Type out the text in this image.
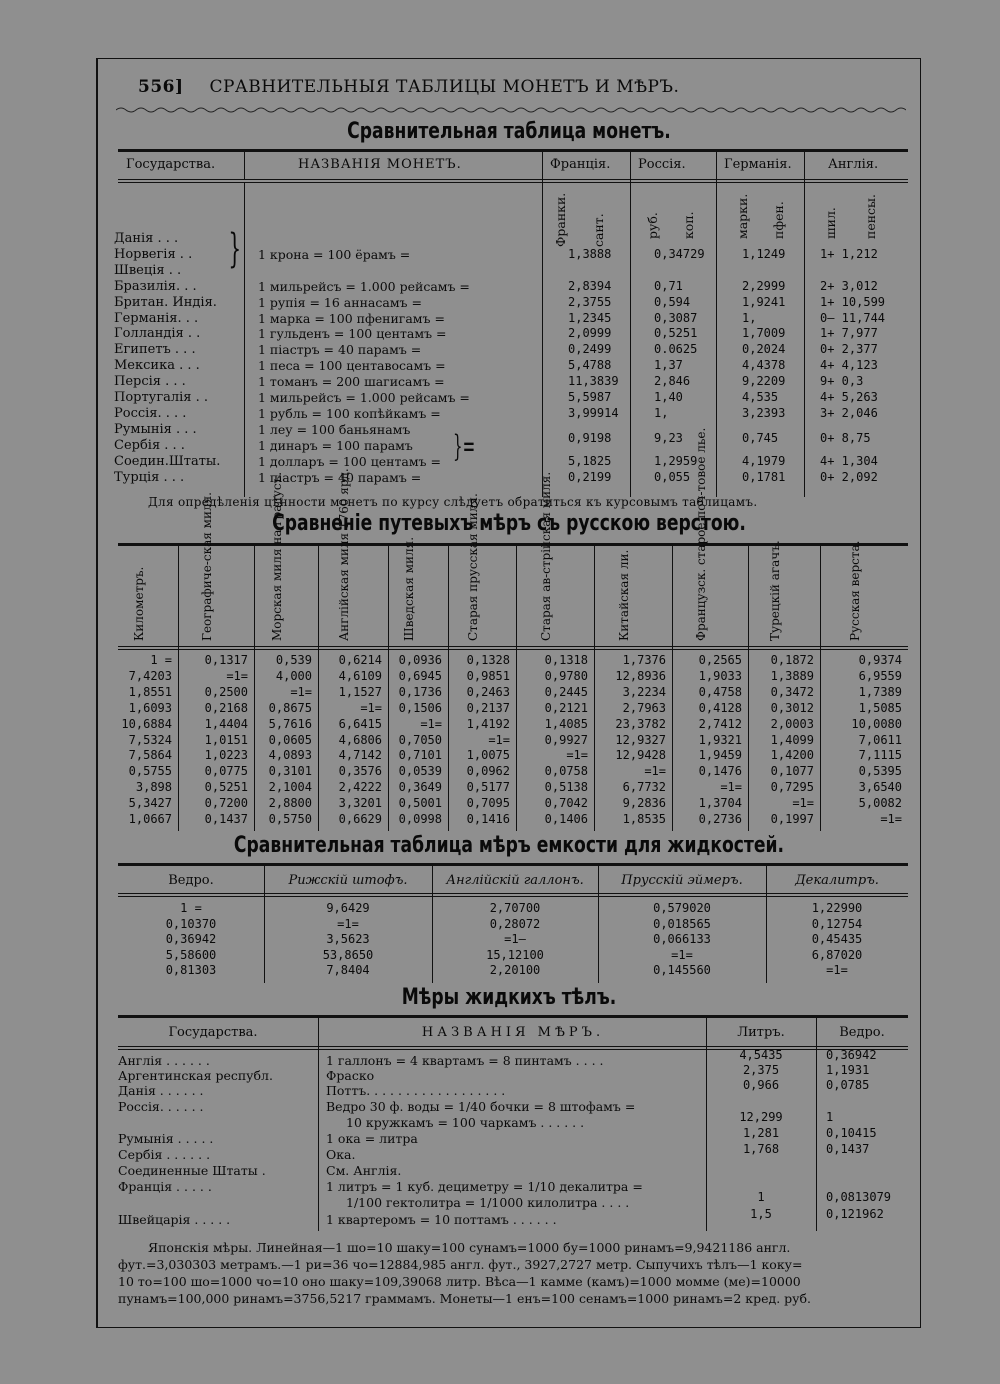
556] СРАВНИТЕЛЬНЫЯ ТАБЛИЦЫ МОНЕТЪ И МѢРЪ.
Сравнительная таблица монетъ.
Государства.	НАЗВАНІЯ МОНЕТЪ.	Франція. Россія.	Германія.	Англія.
Франки. сант.	руб. коп.	марки. пфен.	шил. пенсы.
}
}=
Данія . . .
Норвегія . .	1 крона = 100 ёрамъ =	1,3888	0,34729	1,1249	1+ 1,212
Швеція . .
Бразилія. . .	1 мильрейсъ = 1.000 рейсамъ =	2,8394	0,71	2,2999	2+ 3,012
Британ. Индія.	1 рупія = 16 аннасамъ =	2,3755	0,594	1,9241	1+ 10,599
Германія. . .	1 марка = 100 пфенигамъ =	1,2345	0,3087	1,	0— 11,744
Голландія . .	1 гульденъ = 100 центамъ =	2,0999	0,5251	1,7009	1+ 7,977
Египетъ . . .	1 піастръ = 40 парамъ =	0,2499	0.0625	0,2024	0+ 2,377
Мексика . . .	1 песа = 100 центавосамъ =	5,4788	1,37	4,4378	4+ 4,123
Персія . . .	1 томанъ = 200 шагисамъ =	11,3839	2,846	9,2209	9+ 0,3
Португалія . .	1 мильрейсъ = 1.000 рейсамъ =	5,5987	1,40	4,535	4+ 5,263
Россія. . . .	1 рубль = 100 копѣйкамъ =	3,99914	1,	3,2393	3+ 2,046
Румынія . . .	1 леу = 100 баньянамъ
Сербія . . .	1 динаръ = 100 парамъ	0,9198	9,23	0,745	0+ 8,75
Соедин.Штаты.	1 долларъ = 100 центамъ =	5,1825	1,2959	4,1979	4+ 1,304
Турція . . .	1 піастръ = 40 парамъ =	0,2199	0,055	0,1781	0+ 2,092
Для опредѣленія цѣнности монетъ по курсу слѣдуетъ обратиться къ курсовымъ таблицамъ.
Сравненіе путевыхъ мѣръ съ русскою верстою.
Километръ.	Географиче-ская миля.	Морская миля на градусъ.	Англійская миля 1760 ярд.	Шведская миля.	Старая прусская миля.	Старая ав-стрійская миля.	Китайская ли.	Французск. старое поч-товое лье.	Турецкій агачъ.	Русская верста.
1 =	0,1317	0,539	0,6214	0,0936	0,1328	0,1318	1,7376	0,2565	0,1872	0,9374
7,4203	=1=	4,000	4,6109	0,6945	0,9851	0,9780	12,8936	1,9033	1,3889	6,9559
1,8551	0,2500	=1=	1,1527	0,1736	0,2463	0,2445	3,2234	0,4758	0,3472	1,7389
1,6093	0,2168	0,8675	=1=	0,1506	0,2137	0,2121	2,7963	0,4128	0,3012	1,5085
10,6884	1,4404	5,7616	6,6415	=1=	1,4192	1,4085	23,3782	2,7412	2,0003	10,0080
7,5324	1,0151	0,0605	4,6806	0,7050	=1=	0,9927	12,9327	1,9321	1,4099	7,0611
7,5864	1,0223	4,0893	4,7142	0,7101	1,0075	=1=	12,9428	1,9459	1,4200	7,1115
0,5755	0,0775	0,3101	0,3576	0,0539	0,0962	0,0758	=1=	0,1476	0,1077	0,5395
3,898	0,5251	2,1004	2,4222	0,3649	0,5177	0,5138	6,7732	=1=	0,7295	3,6540
5,3427	0,7200	2,8800	3,3201	0,5001	0,7095	0,7042	9,2836	1,3704	=1=	5,0082
1,0667	0,1437	0,5750	0,6629	0,0998	0,1416	0,1406	1,8535	0,2736	0,1997	=1=
Сравнительная таблица мѣръ емкости для жидкостей.
Ведро.	Рижскій штофъ.	Англійскій галлонъ.	Прусскій эймеръ.	Декалитръ.
1 =	9,6429	2,70700	0,579020	1,22990
0,10370	=1=	0,28072	0,018565	0,12754
0,36942	3,5623	=1—	0,066133	0,45435
5,58600	53,8650	15,12100	=1=	6,87020
0,81303	7,8404	2,20100	0,145560	=1=
Мѣры жидкихъ тѣлъ.
Государства.	НАЗВАНІЯ МѢРЪ.	Литръ.	Ведро.
Англія . . . . . .	1 галлонъ = 4 квартамъ = 8 пинтамъ . . . .	4,5435	0,36942
Аргентинская республ.	Фраско	2,375	1,1931
Данія . . . . . .	Поттъ. . . . . . . . . . . . . . . . . .	0,966	0,0785
Россія. . . . . .	Ведро 30 ф. воды = 1/40 бочки = 8 штофамъ =
10 кружкамъ = 100 чаркамъ . . . . . .	12,299	1
Румынія . . . . .	1 ока = литра	1,281	0,10415
Сербія . . . . . .	Ока.	1,768	0,1437
Соединенные Штаты .	См. Англія.
Франція . . . . .	1 литръ = 1 куб. дециметру = 1/10 декалитра =
1/100 гектолитра = 1/1000 килолитра . . . .	1	0,0813079
Швейцарія . . . . .	1 квартеромъ = 10 поттамъ . . . . . .	1,5	0,121962
Японскія мѣры. Линейная—1 шо=10 шаку=100 сунамъ=1000 бу=1000 ринамъ=9,9421186 англ.
фут.=3,030303 метрамъ.—1 ри=36 чо=12884,985 англ. фут., 3927,2727 метр. Сыпучихъ тѣлъ—1 коку=
10 то=100 шо=1000 чо=10 оно шаку=109,39068 литр. Вѣса—1 камме (камъ)=1000 момме (ме)=10000
пунамъ=100,000 ринамъ=3756,5217 граммамъ. Монеты—1 енъ=100 сенамъ=1000 ринамъ=2 кред. руб.
